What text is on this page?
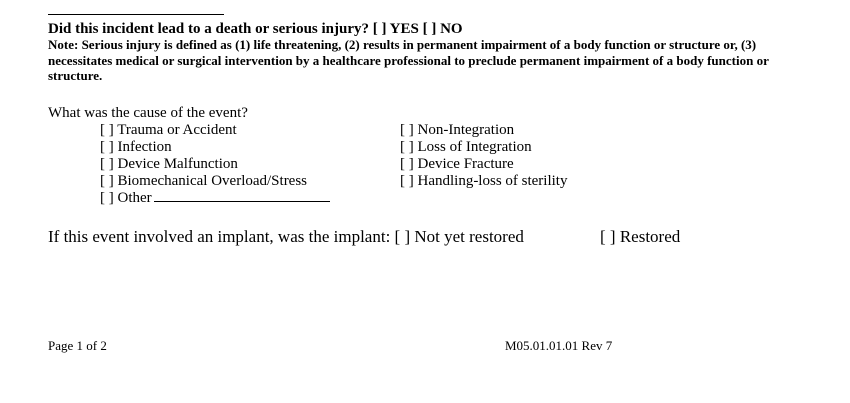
Did this incident lead to a death or serious injury? [ ] YES [ ] NO
Note: Serious injury is defined as (1) life threatening, (2) results in permanent impairment of a body function or structure or, (3) necessitates medical or surgical intervention by a healthcare professional to preclude permanent impairment of a body function or structure.
What was the cause of the event?
[ ] Trauma or Accident
[ ] Infection
[ ] Device Malfunction
[ ] Biomechanical Overload/Stress
[ ] Other
[ ] Non-Integration
[ ] Loss of Integration
[ ] Device Fracture
[ ] Handling-loss of sterility
If this event involved an implant, was the implant: [ ] Not yet restored	[ ] Restored
Page 1 of 2	M05.01.01.01 Rev 7
